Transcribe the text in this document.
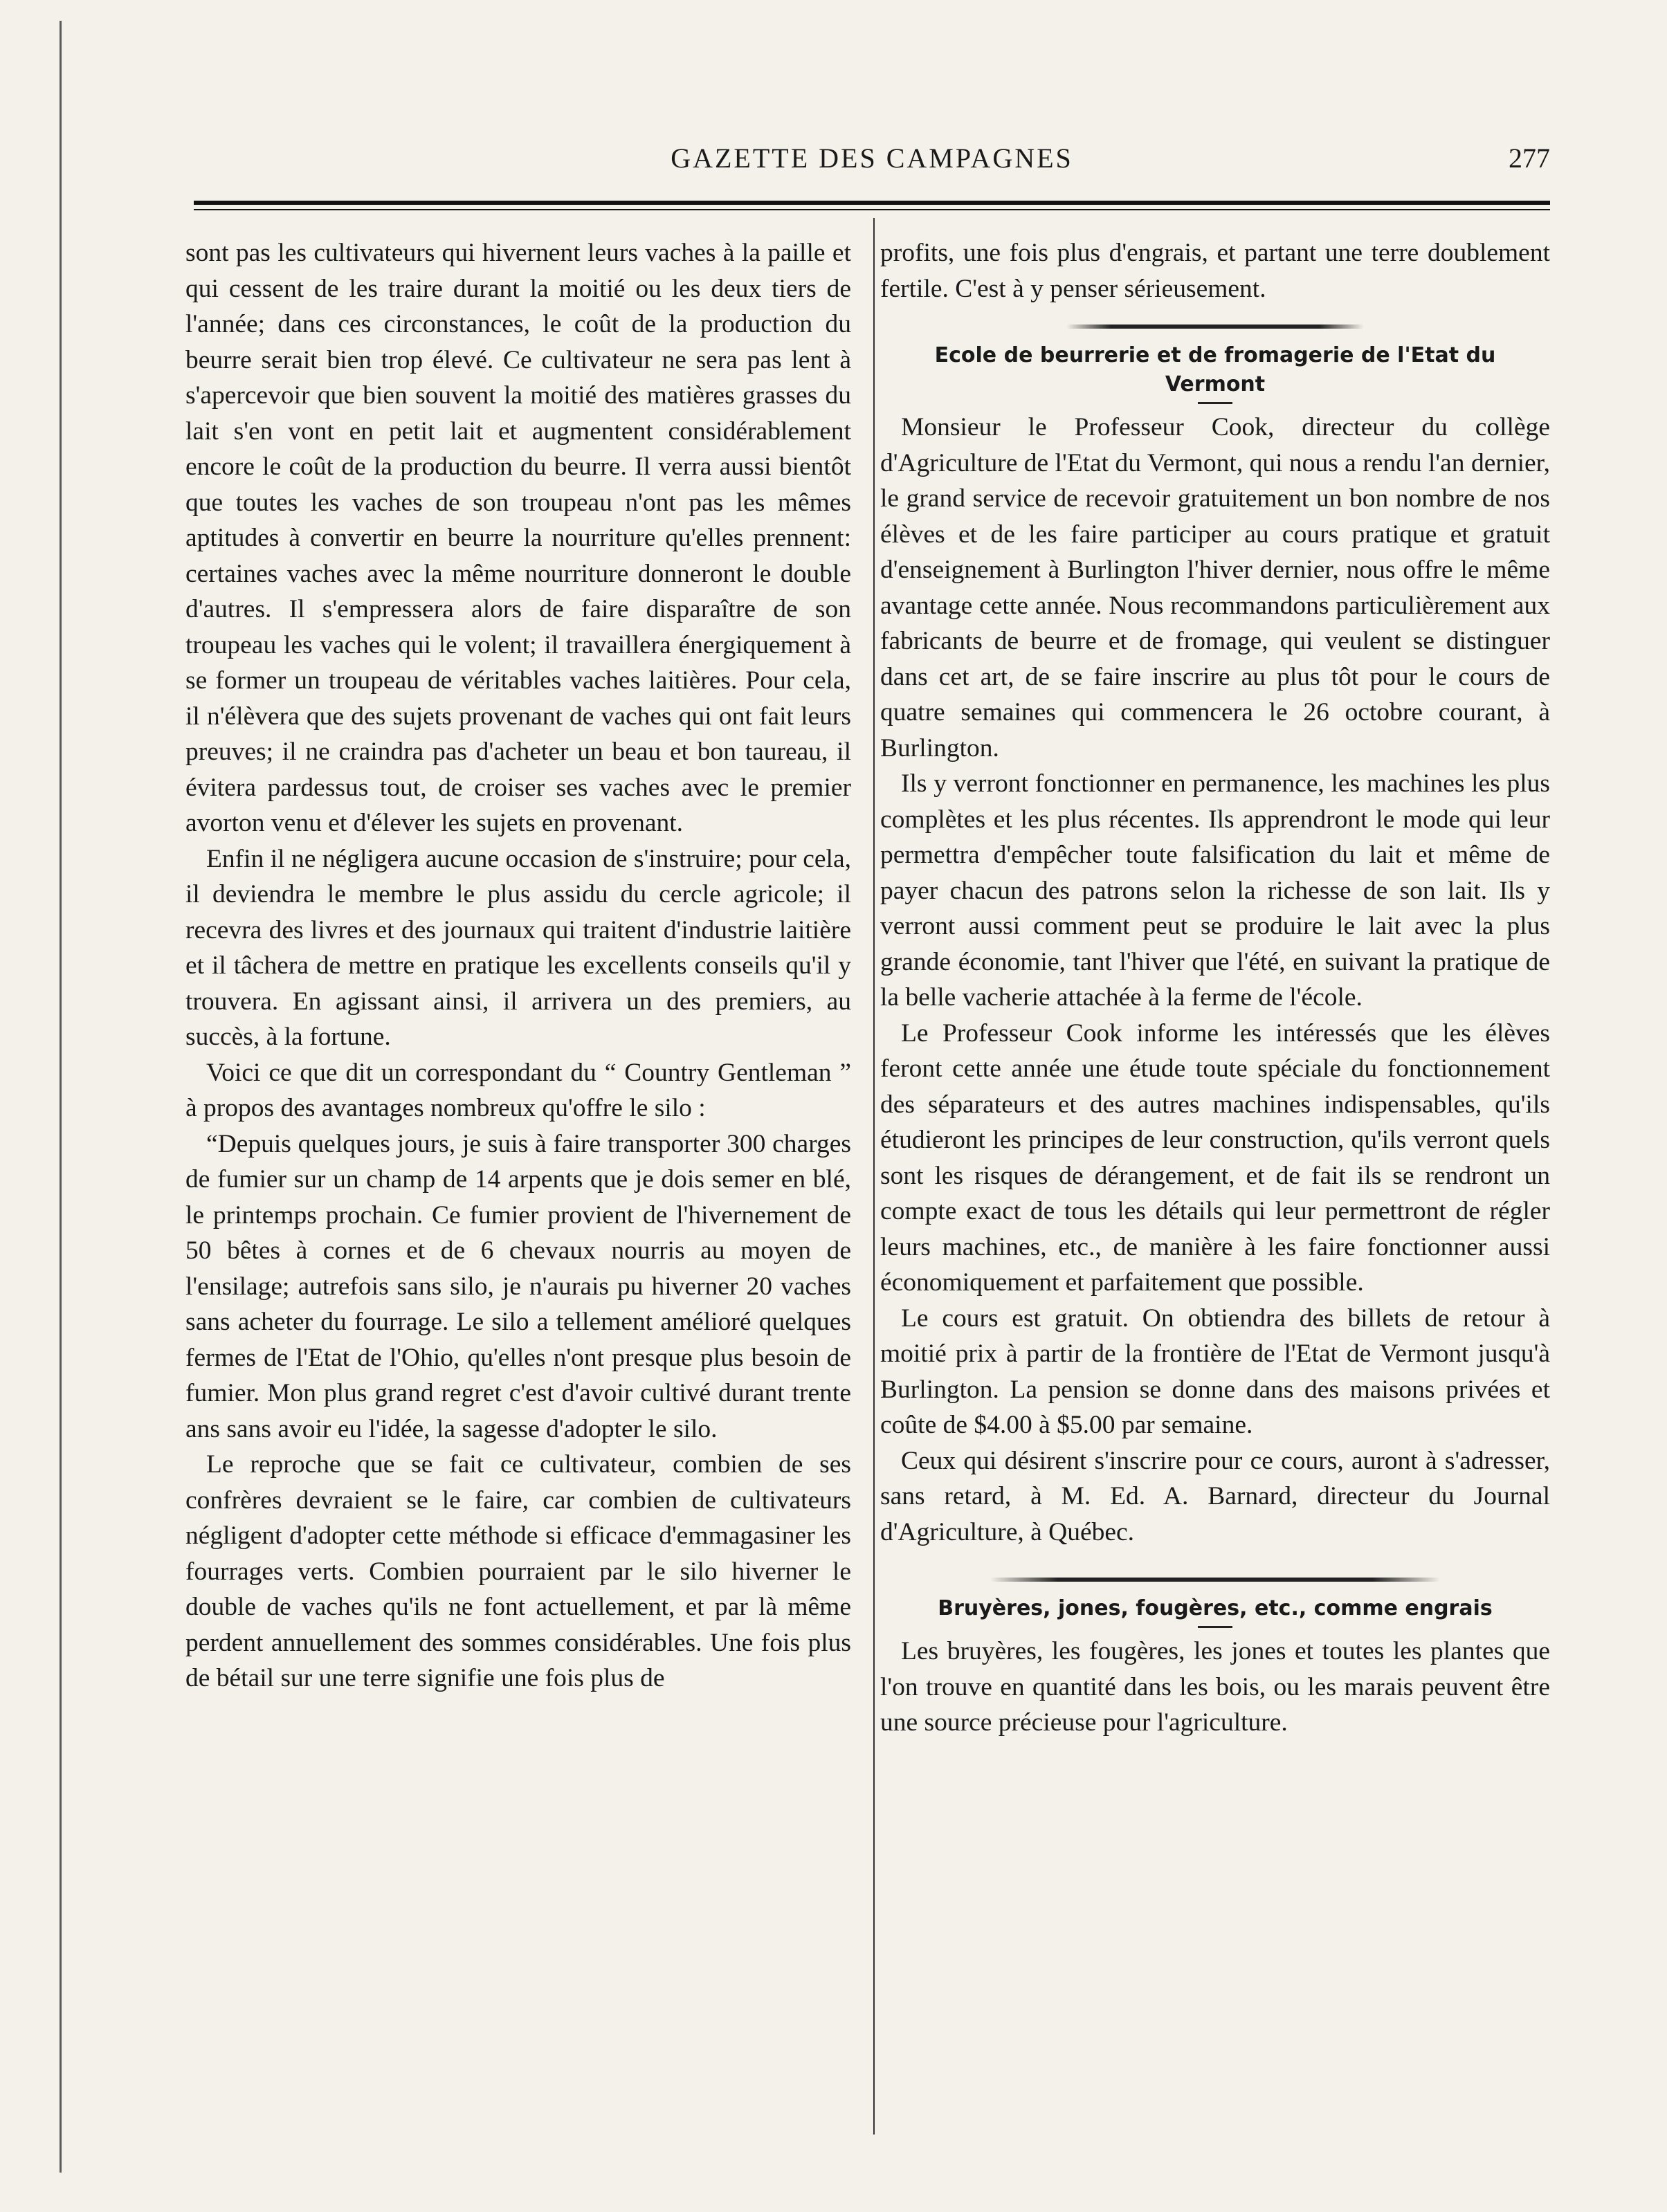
GAZETTE DES CAMPAGNES	277

sont pas les cultivateurs qui hivernent leurs vaches à la paille et qui cessent de les traire durant la moitié ou les deux tiers de l'année; dans ces circonstances, le coût de la production du beurre serait bien trop élevé. Ce cultivateur ne sera pas lent à s'apercevoir que bien souvent la moitié des matières grasses du lait s'en vont en petit lait et augmentent considérablement encore le coût de la production du beurre. Il verra aussi bientôt que toutes les vaches de son troupeau n'ont pas les mêmes aptitudes à convertir en beurre la nourriture qu'elles prennent: certaines vaches avec la même nourriture donneront le double d'autres. Il s'empressera alors de faire disparaître de son troupeau les vaches qui le volent; il travaillera énergiquement à se former un troupeau de véritables vaches laitières. Pour cela, il n'élèvera que des sujets provenant de vaches qui ont fait leurs preuves; il ne craindra pas d'acheter un beau et bon taureau, il évitera pardessus tout, de croiser ses vaches avec le premier avorton venu et d'élever les sujets en provenant.

Enfin il ne négligera aucune occasion de s'instruire; pour cela, il deviendra le membre le plus assidu du cercle agricole; il recevra des livres et des journaux qui traitent d'industrie laitière et il tâchera de mettre en pratique les excellents conseils qu'il y trouvera. En agissant ainsi, il arrivera un des premiers, au succès, à la fortune.

Voici ce que dit un correspondant du “ Country Gentleman ” à propos des avantages nombreux qu'offre le silo :

“Depuis quelques jours, je suis à faire transporter 300 charges de fumier sur un champ de 14 arpents que je dois semer en blé, le printemps prochain. Ce fumier provient de l'hivernement de 50 bêtes à cornes et de 6 chevaux nourris au moyen de l'ensilage; autrefois sans silo, je n'aurais pu hiverner 20 vaches sans acheter du fourrage. Le silo a tellement amélioré quelques fermes de l'Etat de l'Ohio, qu'elles n'ont presque plus besoin de fumier. Mon plus grand regret c'est d'avoir cultivé durant trente ans sans avoir eu l'idée, la sagesse d'adopter le silo.

Le reproche que se fait ce cultivateur, combien de ses confrères devraient se le faire, car combien de cultivateurs négligent d'adopter cette méthode si efficace d'emmagasiner les fourrages verts. Combien pourraient par le silo hiverner le double de vaches qu'ils ne font actuellement, et par là même perdent annuellement des sommes considérables. Une fois plus de bétail sur une terre signifie une fois plus de

profits, une fois plus d'engrais, et partant une terre doublement fertile. C'est à y penser sérieusement.

Ecole de beurrerie et de fromagerie de l'Etat du Vermont

Monsieur le Professeur Cook, directeur du collège d'Agriculture de l'Etat du Vermont, qui nous a rendu l'an dernier, le grand service de recevoir gratuitement un bon nombre de nos élèves et de les faire participer au cours pratique et gratuit d'enseignement à Burlington l'hiver dernier, nous offre le même avantage cette année. Nous recommandons particulièrement aux fabricants de beurre et de fromage, qui veulent se distinguer dans cet art, de se faire inscrire au plus tôt pour le cours de quatre semaines qui commencera le 26 octobre courant, à Burlington.

Ils y verront fonctionner en permanence, les machines les plus complètes et les plus récentes. Ils apprendront le mode qui leur permettra d'empêcher toute falsification du lait et même de payer chacun des patrons selon la richesse de son lait. Ils y verront aussi comment peut se produire le lait avec la plus grande économie, tant l'hiver que l'été, en suivant la pratique de la belle vacherie attachée à la ferme de l'école.

Le Professeur Cook informe les intéressés que les élèves feront cette année une étude toute spéciale du fonctionnement des séparateurs et des autres machines indispensables, qu'ils étudieront les principes de leur construction, qu'ils verront quels sont les risques de dérangement, et de fait ils se rendront un compte exact de tous les détails qui leur permettront de régler leurs machines, etc., de manière à les faire fonctionner aussi économiquement et parfaitement que possible.

Le cours est gratuit. On obtiendra des billets de retour à moitié prix à partir de la frontière de l'Etat de Vermont jusqu'à Burlington. La pension se donne dans des maisons privées et coûte de $4.00 à $5.00 par semaine.

Ceux qui désirent s'inscrire pour ce cours, auront à s'adresser, sans retard, à M. Ed. A. Barnard, directeur du Journal d'Agriculture, à Québec.

Bruyères, jones, fougères, etc., comme engrais

Les bruyères, les fougères, les jones et toutes les plantes que l'on trouve en quantité dans les bois, ou les marais peuvent être une source précieuse pour l'agriculture.
